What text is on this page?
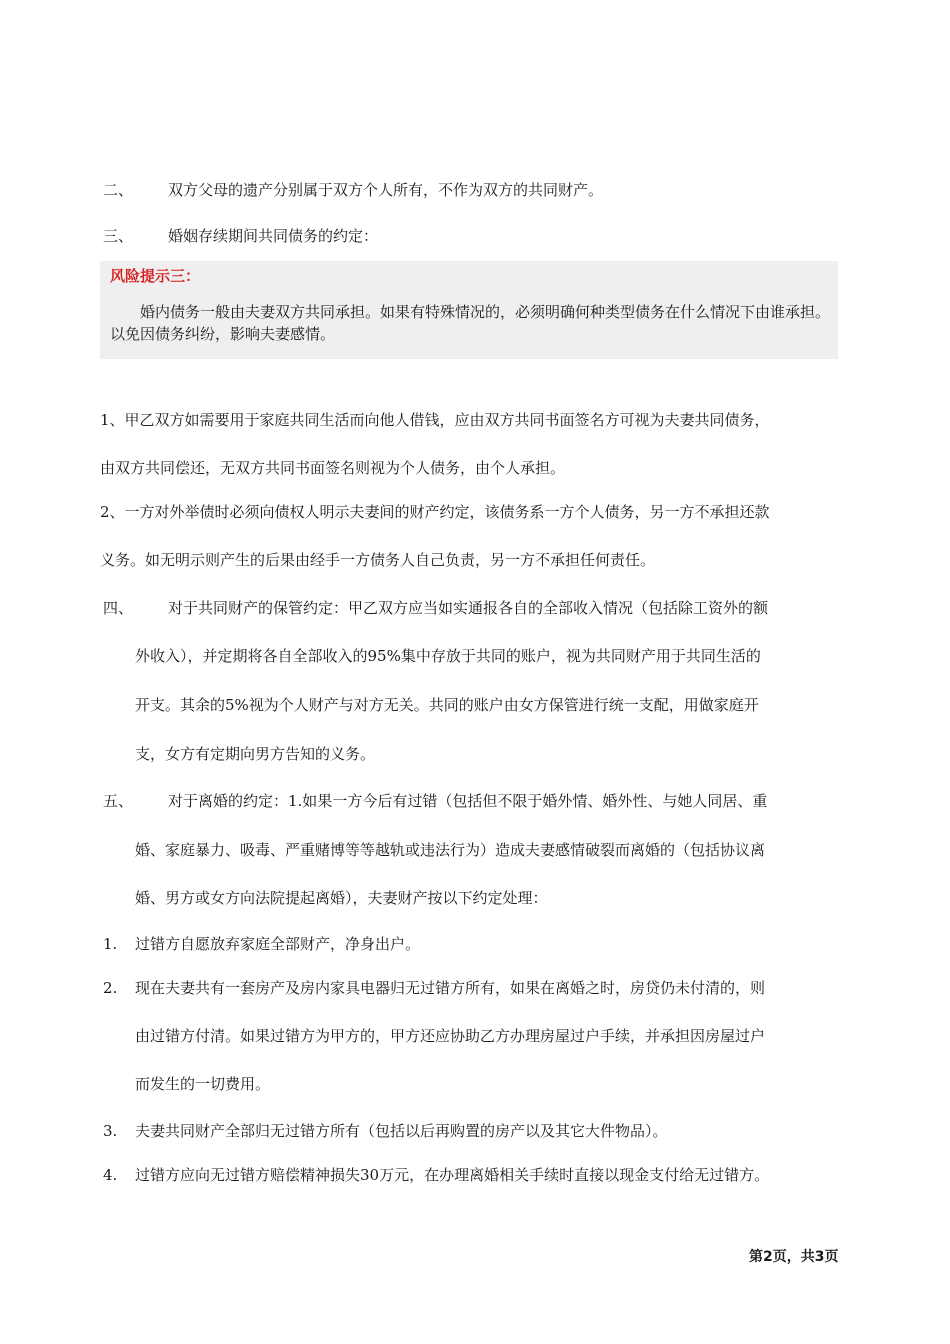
二、 双方父母的遗产分别属于双方个人所有，不作为双方的共同财产。
三、 婚姻存续期间共同债务的约定：
风险提示三：
婚内债务一般由夫妻双方共同承担。如果有特殊情况的，必须明确何种类型债务在什么情况下由谁承担。以免因债务纠纷，影响夫妻感情。
1、甲乙双方如需要用于家庭共同生活而向他人借钱，应由双方共同书面签名方可视为夫妻共同债务，
由双方共同偿还，无双方共同书面签名则视为个人债务，由个人承担。
2、一方对外举债时必须向债权人明示夫妻间的财产约定，该债务系一方个人债务，另一方不承担还款
义务。如无明示则产生的后果由经手一方债务人自己负责，另一方不承担任何责任。
四、 对于共同财产的保管约定：甲乙双方应当如实通报各自的全部收入情况（包括除工资外的额
外收入），并定期将各自全部收入的95%集中存放于共同的账户，视为共同财产用于共同生活的
开支。其余的5%视为个人财产与对方无关。共同的账户由女方保管进行统一支配，用做家庭开
支，女方有定期向男方告知的义务。
五、 对于离婚的约定：1.如果一方今后有过错（包括但不限于婚外情、婚外性、与她人同居、重
婚、家庭暴力、吸毒、严重赌博等等越轨或违法行为）造成夫妻感情破裂而离婚的（包括协议离
婚、男方或女方向法院提起离婚），夫妻财产按以下约定处理：
1. 过错方自愿放弃家庭全部财产，净身出户。
2. 现在夫妻共有一套房产及房内家具电器归无过错方所有，如果在离婚之时，房贷仍未付清的，则
由过错方付清。如果过错方为甲方的，甲方还应协助乙方办理房屋过户手续，并承担因房屋过户
而发生的一切费用。
3. 夫妻共同财产全部归无过错方所有（包括以后再购置的房产以及其它大件物品）。
4. 过错方应向无过错方赔偿精神损失30万元，在办理离婚相关手续时直接以现金支付给无过错方。
第2页，共3页
